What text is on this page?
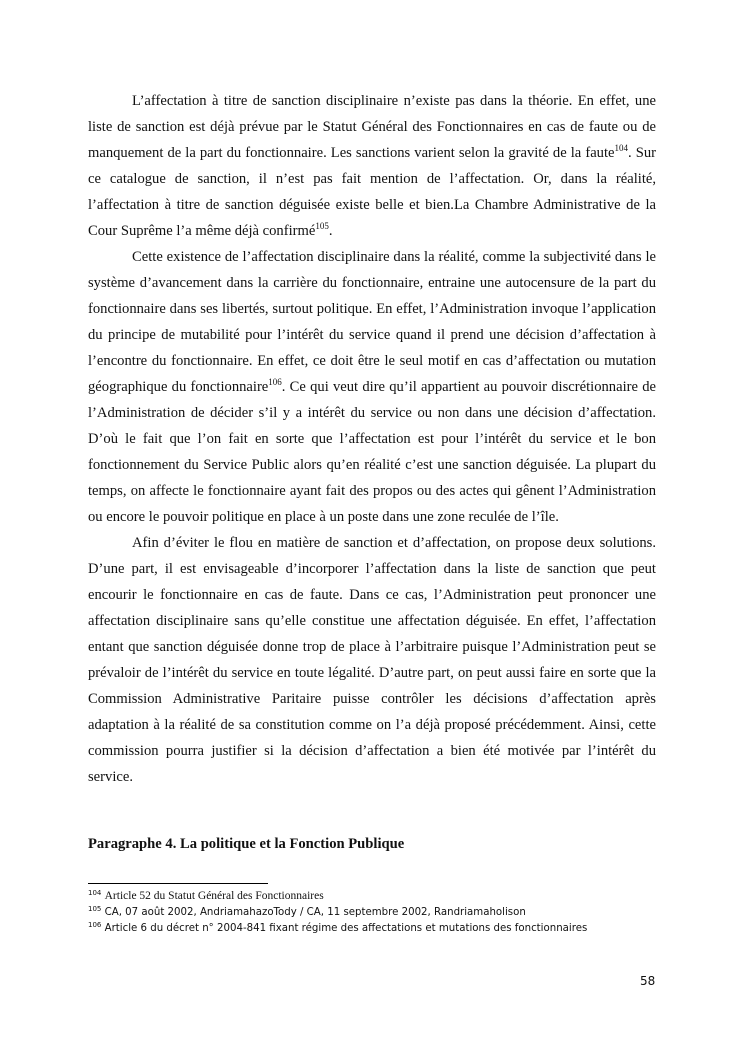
L’affectation à titre de sanction disciplinaire n’existe pas dans la théorie. En effet, une liste de sanction est déjà prévue par le Statut Général des Fonctionnaires en cas de faute ou de manquement de la part du fonctionnaire. Les sanctions varient selon la gravité de la faute$^{104}$. Sur ce catalogue de sanction, il n’est pas fait mention de l’affectation. Or, dans la réalité, l’affectation à titre de sanction déguisée existe belle et bien.La Chambre Administrative de la Cour Suprême l’a même déjà confirmé$^{105}$.

Cette existence de l’affectation disciplinaire dans la réalité, comme la subjectivité dans le système d’avancement dans la carrière du fonctionnaire, entraine une autocensure de la part du fonctionnaire dans ses libertés, surtout politique. En effet, l’Administration invoque l’application du principe de mutabilité pour l’intérêt du service quand il prend une décision d’affectation à l’encontre du fonctionnaire. En effet, ce doit être le seul motif en cas d’affectation ou mutation géographique du fonctionnaire$^{106}$. Ce qui veut dire qu’il appartient au pouvoir discrétionnaire de l’Administration de décider s’il y a intérêt du service ou non dans une décision d’affectation. D’où le fait que l’on fait en sorte que l’affectation est pour l’intérêt du service et le bon fonctionnement du Service Public alors qu’en réalité c’est une sanction déguisée. La plupart du temps, on affecte le fonctionnaire ayant fait des propos ou des actes qui gênent l’Administration ou encore le pouvoir politique en place à un poste dans une zone reculée de l’île.

Afin d’éviter le flou en matière de sanction et d’affectation, on propose deux solutions. D’une part, il est envisageable d’incorporer l’affectation dans la liste de sanction que peut encourir le fonctionnaire en cas de faute. Dans ce cas, l’Administration peut prononcer une affectation disciplinaire sans qu’elle constitue une affectation déguisée. En effet, l’affectation entant que sanction déguisée donne trop de place à l’arbitraire puisque l’Administration peut se prévaloir de l’intérêt du service en toute légalité. D’autre part, on peut aussi faire en sorte que la Commission Administrative Paritaire puisse contrôler les décisions d’affectation après adaptation à la réalité de sa constitution comme on l’a déjà proposé précédemment. Ainsi, cette commission pourra justifier si la décision d’affectation a bien été motivée par l’intérêt du service.

Paragraphe 4. La politique et la Fonction Publique
$^{104}$ Article 52 du Statut Général des Fonctionnaires
$^{105}$ CA, 07 août 2002, AndriamahazoTody / CA, 11 septembre 2002, Randriamaholison
$^{106}$ Article 6 du décret n° 2004-841 fixant régime des affectations et mutations des fonctionnaires
58
